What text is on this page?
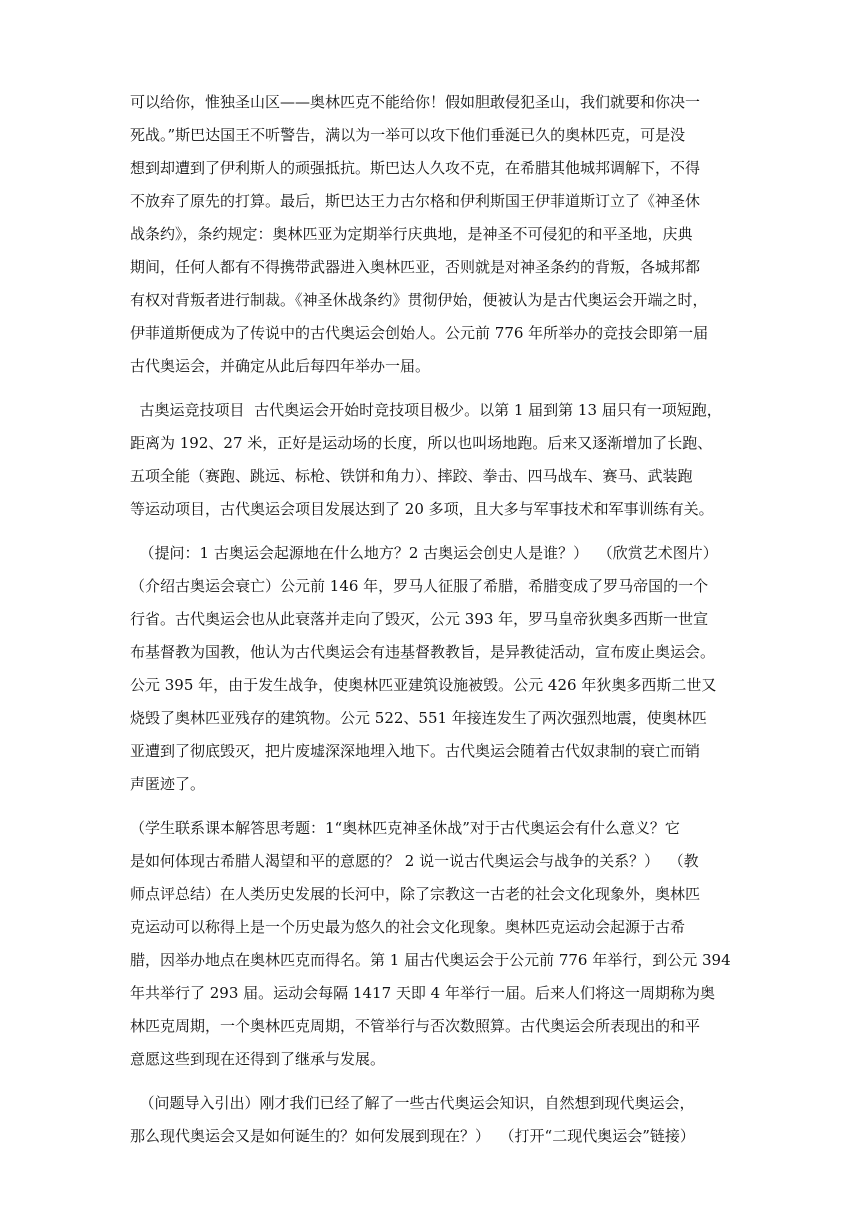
可以给你，惟独圣山区——奥林匹克不能给你！假如胆敢侵犯圣山，我们就要和你决一
死战。”斯巴达国王不听警告，满以为一举可以攻下他们垂涎已久的奥林匹克，可是没
想到却遭到了伊利斯人的顽强抵抗。斯巴达人久攻不克，在希腊其他城邦调解下，不得
不放弃了原先的打算。最后，斯巴达王力古尔格和伊利斯国王伊菲道斯订立了《神圣休
战条约》，条约规定：奥林匹亚为定期举行庆典地，是神圣不可侵犯的和平圣地，庆典
期间，任何人都有不得携带武器进入奥林匹亚，否则就是对神圣条约的背叛，各城邦都
有权对背叛者进行制裁。《神圣休战条约》贯彻伊始，便被认为是古代奥运会开端之时，
伊菲道斯便成为了传说中的古代奥运会创始人。公元前 776 年所举办的竞技会即第一届
古代奥运会，并确定从此后每四年举办一届。
古奥运竞技项目  古代奥运会开始时竞技项目极少。以第 1 届到第 13 届只有一项短跑，
距离为 192、27 米，正好是运动场的长度，所以也叫场地跑。后来又逐渐增加了长跑、
五项全能（赛跑、跳远、标枪、铁饼和角力）、摔跤、拳击、四马战车、赛马、武装跑
等运动项目，古代奥运会项目发展达到了 20 多项，且大多与军事技术和军事训练有关。
（提问：1 古奥运会起源地在什么地方？2 古奥运会创史人是谁？）  （欣赏艺术图片）
（介绍古奥运会衰亡）公元前 146 年，罗马人征服了希腊，希腊变成了罗马帝国的一个
行省。古代奥运会也从此衰落并走向了毁灭，公元 393 年，罗马皇帝狄奥多西斯一世宣
布基督教为国教，他认为古代奥运会有违基督教教旨，是异教徒活动，宣布废止奥运会。
公元 395 年，由于发生战争，使奥林匹亚建筑设施被毁。公元 426 年狄奥多西斯二世又
烧毁了奥林匹亚残存的建筑物。公元 522、551 年接连发生了两次强烈地震，使奥林匹
亚遭到了彻底毁灭，把片废墟深深地埋入地下。古代奥运会随着古代奴隶制的衰亡而销
声匿迹了。
（学生联系课本解答思考题：1“奥林匹克神圣休战”对于古代奥运会有什么意义？它
是如何体现古希腊人渴望和平的意愿的？ 2 说一说古代奥运会与战争的关系？）  （教
师点评总结）在人类历史发展的长河中，除了宗教这一古老的社会文化现象外，奥林匹
克运动可以称得上是一个历史最为悠久的社会文化现象。奥林匹克运动会起源于古希
腊，因举办地点在奥林匹克而得名。第 1 届古代奥运会于公元前 776 年举行，到公元 394
年共举行了 293 届。运动会每隔 1417 天即 4 年举行一届。后来人们将这一周期称为奥
林匹克周期，一个奥林匹克周期，不管举行与否次数照算。古代奥运会所表现出的和平
意愿这些到现在还得到了继承与发展。
（问题导入引出）刚才我们已经了解了一些古代奥运会知识，自然想到现代奥运会，
那么现代奥运会又是如何诞生的？如何发展到现在？）  （打开“二现代奥运会”链接）
